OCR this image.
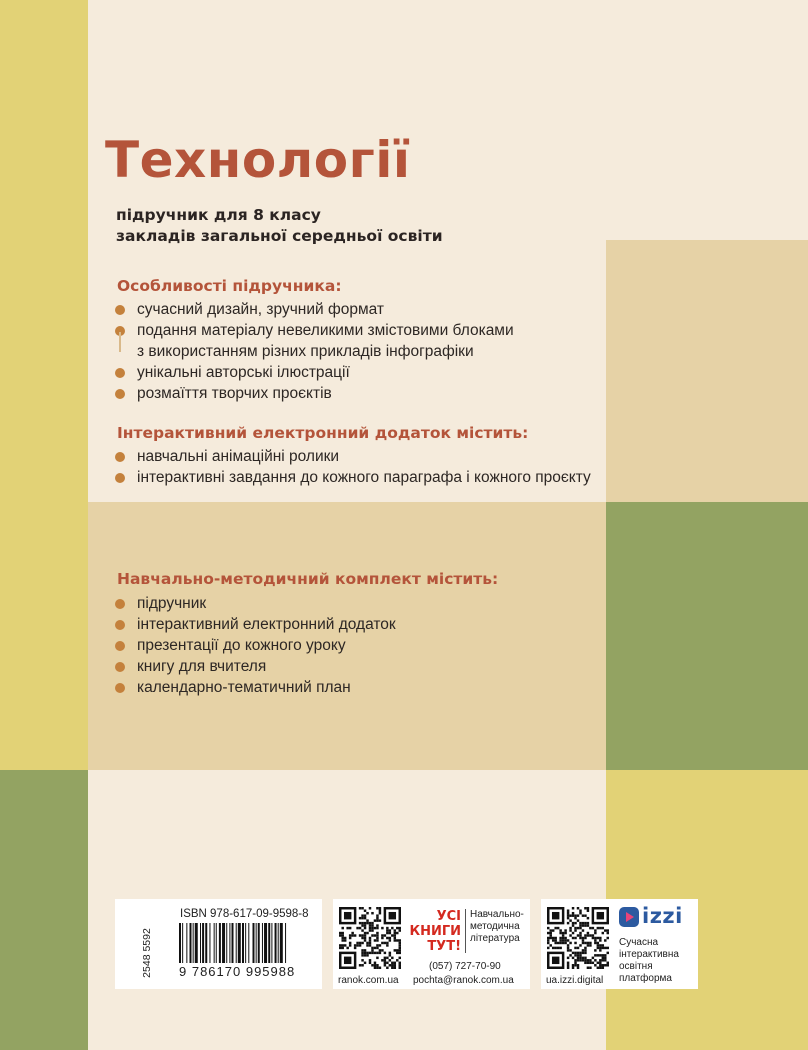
Технології
підручник для 8 класу
закладів загальної середньої освіти
Особливості підручника:
сучасний дизайн, зручний формат
подання матеріалу невеликими змістовими блоками
з використанням різних прикладів інфографіки
унікальні авторські ілюстрації
розмаїття творчих проєктів
Інтерактивний електронний додаток містить:
навчальні анімаційні ролики
інтерактивні завдання до кожного параграфа і кожного проєкту
Навчально-методичний комплект містить:
підручник
інтерактивний електронний додаток
презентації до кожного уроку
книгу для вчителя
календарно-тематичний план
2548 5592
ISBN 978-617-09-9598-8
9 786170 995988
ranok.com.ua
УСІ
КНИГИ
ТУТ!
Навчально-
методична
література
(057) 727-70-90
pochta@ranok.com.ua	ua.izzi.digital
izzi
Сучасна
інтерактивна
освітня
платформа
